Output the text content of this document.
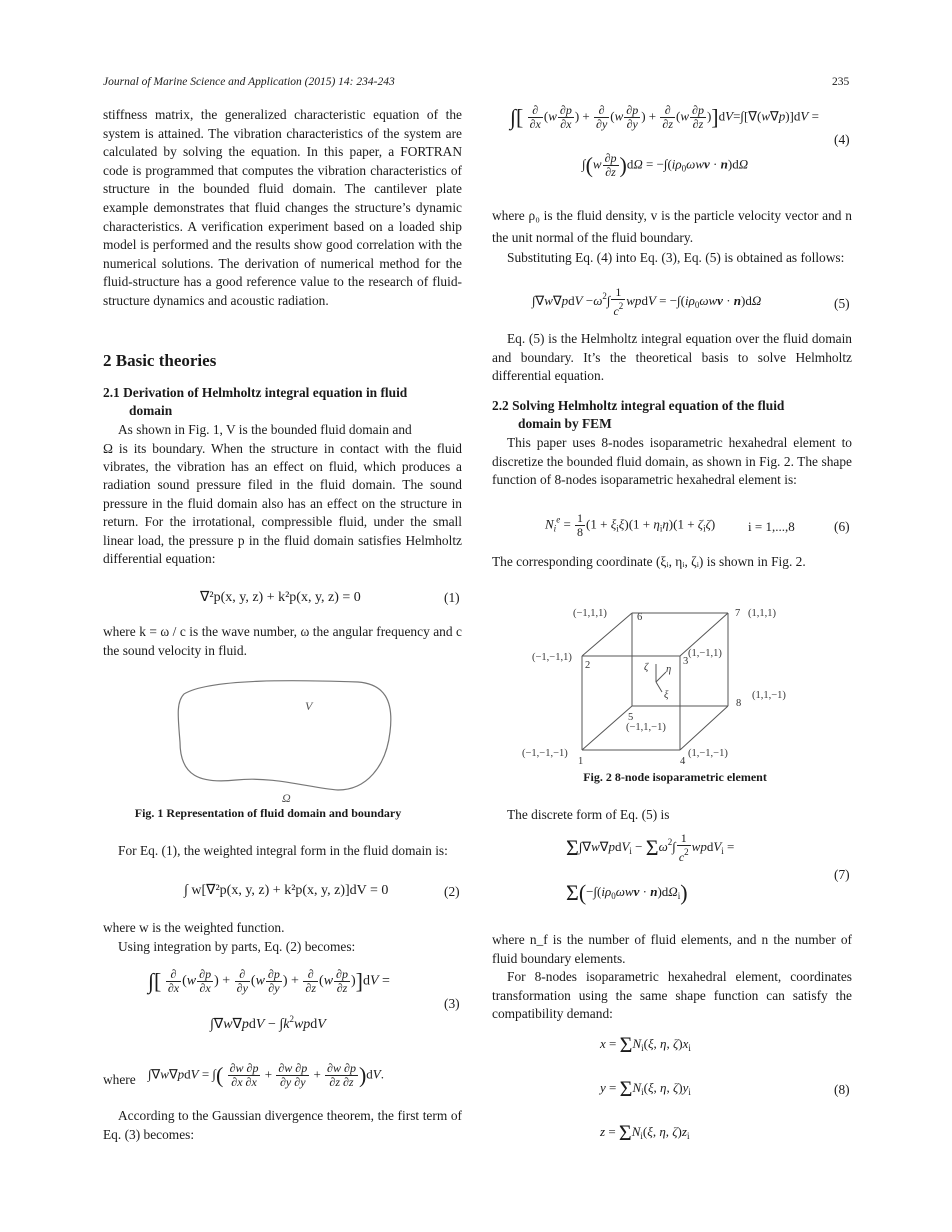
Journal of Marine Science and Application (2015) 14: 234-243	235

stiffness matrix, the generalized characteristic equation of the system is attained. The vibration characteristics of the system are calculated by solving the equation. In this paper, a FORTRAN code is programmed that computes the vibration characteristics of structure in the bounded fluid domain. The cantilever plate example demonstrates that fluid changes the structure’s dynamic characteristics. A verification experiment based on a loaded ship model is performed and the results show good correlation with the numerical solutions. The derivation of numerical method for the fluid-structure has a good reference value to the research of fluid-structure dynamics and acoustic radiation.

2 Basic theories
2.1 Derivation of Helmholtz integral equation in fluid
domain

As shown in Fig. 1, V is the bounded fluid domain and

Ω is its boundary. When the structure in contact with the fluid vibrates, the vibration has an effect on fluid, which produces a radiation sound pressure filed in the fluid domain. The sound pressure in the fluid domain also has an effect on the structure in return. For the irrotational, compressible fluid, under the small linear load, the pressure p in the fluid domain satisfies Helmholtz differential equation:

∇²p(x, y, z) + k²p(x, y, z) = 0	(1)

where k = ω / c is the wave number, ω the angular frequency and c the sound velocity in fluid.

V
Ω
Fig. 1 Representation of fluid domain and boundary

For Eq. (1), the weighted integral form in the fluid domain is:

∫ w[∇²p(x, y, z) + k²p(x, y, z)]dV = 0	(2)

where w is the weighted function.

Using integration by parts, Eq. (2) becomes:

∫[ $\frac{\partial}{\partial x} (w \frac{\partial p}{\partial x}$ ) + $\frac{\partial}{\partial y} (w \frac{\partial p}{\partial y}$ ) + $\frac{\partial}{\partial z} (w \frac{\partial p}{\partial z} )]dV$ =
$\int\nabla w\nabla pdV - \int k^2wpdV$
(3)
where ∫∇w∇pdV = ∫( $\frac{\partial w \partial p}{\partial x \partial x} + \frac{\partial w \partial p}{\partial y \partial y} + \frac{\partial w \partial p}{\partial z \partial z} )dV$.

According to the Gaussian divergence theorem, the first term of Eq. (3) becomes:

∫[ $\frac{\partial}{\partial x} (w \frac{\partial p}{\partial x}$ ) + $\frac{\partial}{\partial y} (w \frac{\partial p}{\partial y}$ ) + $\frac{\partial}{\partial z} (w \frac{\partial p}{\partial z} )]dV=\int[\nabla(w\nabla p)]dV$ =
$\int(w \frac{\partial p}{\partial z} )d\Omega = -\int(i\rho_0\omega wv \cdot n)d\Omega$
(4)

where ρ₀ is the fluid density, v is the particle velocity vector and n the unit normal of the fluid boundary.

Substituting Eq. (4) into Eq. (3), Eq. (5) is obtained as follows:

$\int\nabla w\nabla pdV -\omega^2\int \frac{1}{c^2}$ wpdV = $-\int(i\rho_0\omega wv \cdot n)d\Omega$	(5)

Eq. (5) is the Helmholtz integral equation over the fluid domain and boundary. It’s the theoretical basis to solve Helmholtz differential equation.

2.2 Solving Helmholtz integral equation of the fluid
domain by FEM

This paper uses 8-nodes isoparametric hexahedral element to discretize the bounded fluid domain, as shown in Fig. 2. The shape function of 8-nodes isoparametric hexahedral element is:

$N_i^e = \frac{1}{8} (1 + \xi_i\xi)(1 + \eta_i\eta)(1 + \zeta_i\zeta)$	i = 1,...,8	(6)

The corresponding coordinate (ξᵢ, ηᵢ, ζᵢ) is shown in Fig. 2.

(−1,1,1)	6	7 (1,1,1)
(−1,−1,1)
2	3
(1,−1,1)
8
(1,1,−1)
5
(−1,1,−1)
(−1,−1,−1)
1	4
(1,−1,−1)
ζ η
ξ
Fig. 2 8-node isoparametric element

The discrete form of Eq. (5) is

$\Sigma\int\nabla w\nabla pdV_i - \Sigma\omega^2\int \frac{1}{c^2}$ wpdV$_i$ =
$\Sigma(-\int(i\rho_0\omega wv \cdot n)d\Omega_i)$
(7)

where n_f is the number of fluid elements, and n the number of fluid boundary elements.

For 8-nodes isoparametric hexahedral element, coordinates transformation using the same shape function can satisfy the compatibility demand:

$x = \Sigma N_i(\xi$, η, $\zeta)x_i$
$y = \Sigma N_i(\xi$, η, $\zeta)y_i$
$z = \Sigma N_i(\xi$, η, $\zeta)z_i$
(8)
